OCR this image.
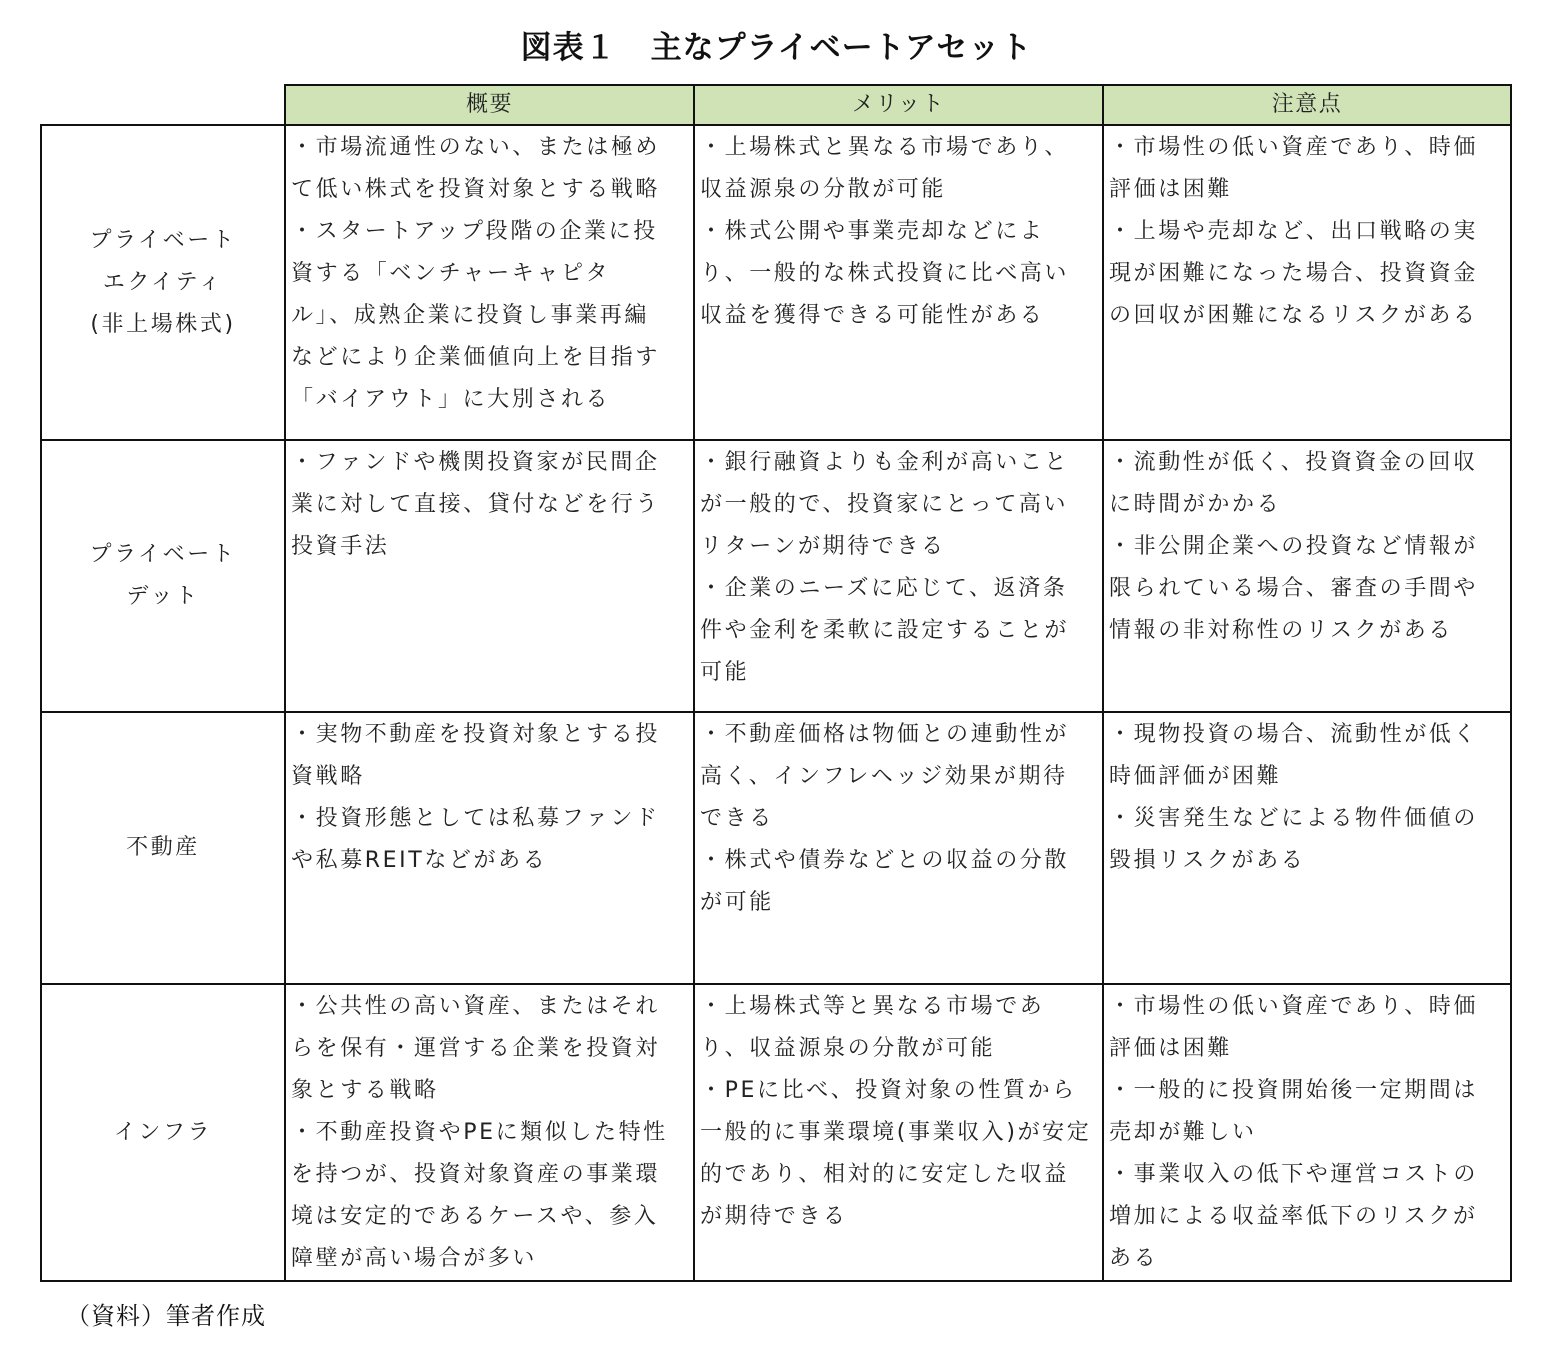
図表１ 主なプライベートアセット
概要	メリット	注意点
プライベート
エクイティ
(非上場株式)
・市場流通性のない、または極め
て低い株式を投資対象とする戦略
・スタートアップ段階の企業に投
資する「ベンチャーキャピタ
ル」、成熟企業に投資し事業再編
などにより企業価値向上を目指す
「バイアウト」に大別される
・上場株式と異なる市場であり、
収益源泉の分散が可能
・株式公開や事業売却などによ
り、一般的な株式投資に比べ高い
収益を獲得できる可能性がある
・市場性の低い資産であり、時価
評価は困難
・上場や売却など、出口戦略の実
現が困難になった場合、投資資金
の回収が困難になるリスクがある
プライベート
デット
・ファンドや機関投資家が民間企
業に対して直接、貸付などを行う
投資手法
・銀行融資よりも金利が高いこと
が一般的で、投資家にとって高い
リターンが期待できる
・企業のニーズに応じて、返済条
件や金利を柔軟に設定することが
可能
・流動性が低く、投資資金の回収
に時間がかかる
・非公開企業への投資など情報が
限られている場合、審査の手間や
情報の非対称性のリスクがある
不動産
・実物不動産を投資対象とする投
資戦略
・投資形態としては私募ファンド
や私募REITなどがある
・不動産価格は物価との連動性が
高く、インフレヘッジ効果が期待
できる
・株式や債券などとの収益の分散
が可能
・現物投資の場合、流動性が低く
時価評価が困難
・災害発生などによる物件価値の
毀損リスクがある
インフラ
・公共性の高い資産、またはそれ
らを保有・運営する企業を投資対
象とする戦略
・不動産投資やPEに類似した特性
を持つが、投資対象資産の事業環
境は安定的であるケースや、参入
障壁が高い場合が多い
・上場株式等と異なる市場であ
り、収益源泉の分散が可能
・PEに比べ、投資対象の性質から
一般的に事業環境(事業収入)が安定
的であり、相対的に安定した収益
が期待できる
・市場性の低い資産であり、時価
評価は困難
・一般的に投資開始後一定期間は
売却が難しい
・事業収入の低下や運営コストの
増加による収益率低下のリスクが
ある
（資料）筆者作成
